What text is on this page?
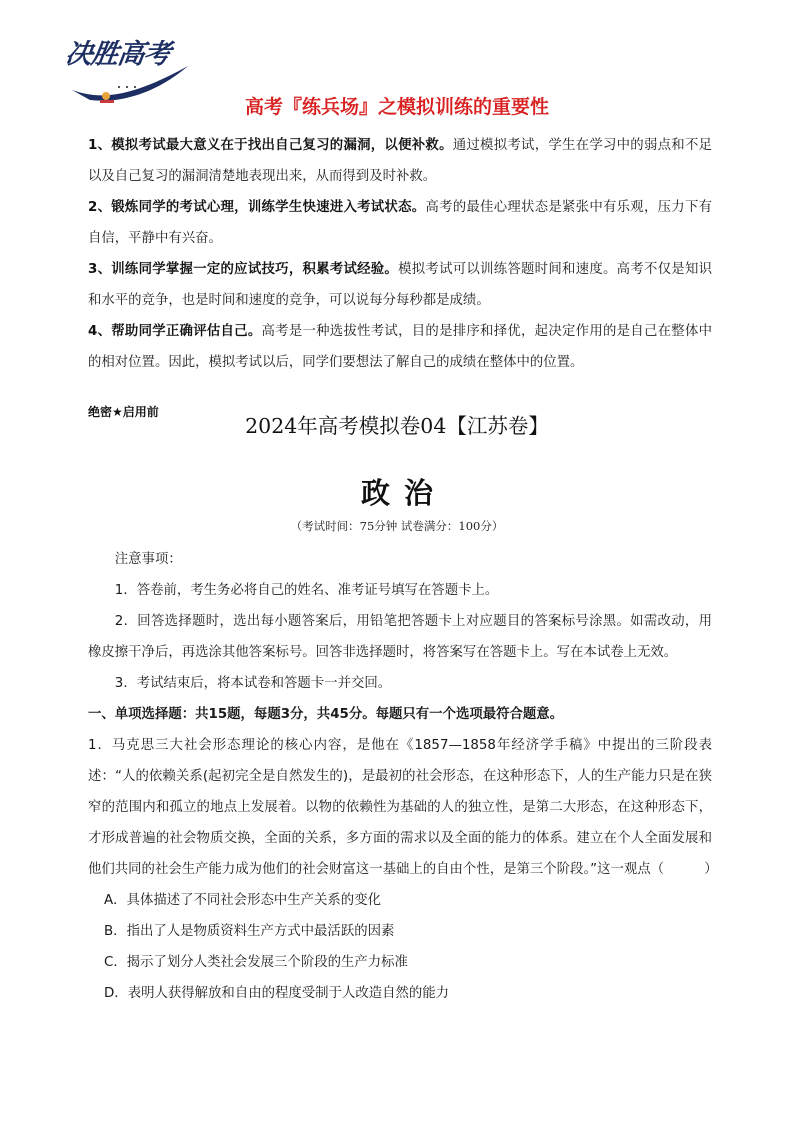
决胜高考
高考『练兵场』之模拟训练的重要性

1、模拟考试最大意义在于找出自己复习的漏洞，以便补救。通过模拟考试，学生在学习中的弱点和不足以及自己复习的漏洞清楚地表现出来，从而得到及时补救。

2、锻炼同学的考试心理，训练学生快速进入考试状态。高考的最佳心理状态是紧张中有乐观，压力下有自信，平静中有兴奋。

3、训练同学掌握一定的应试技巧，积累考试经验。模拟考试可以训练答题时间和速度。高考不仅是知识和水平的竞争，也是时间和速度的竞争，可以说每分每秒都是成绩。

4、帮助同学正确评估自己。高考是一种选拔性考试，目的是排序和择优，起决定作用的是自己在整体中的相对位置。因此，模拟考试以后，同学们要想法了解自己的成绩在整体中的位置。

绝密★启用前
2024年高考模拟卷04【江苏卷】
政治
（考试时间：75分钟 试卷满分：100分）

注意事项：

1．答卷前，考生务必将自己的姓名、准考证号填写在答题卡上。

2．回答选择题时，选出每小题答案后，用铅笔把答题卡上对应题目的答案标号涂黑。如需改动，用橡皮擦干净后，再选涂其他答案标号。回答非选择题时，将答案写在答题卡上。写在本试卷上无效。

3．考试结束后，将本试卷和答题卡一并交回。

一、单项选择题：共15题，每题3分，共45分。每题只有一个选项最符合题意。

1．马克思三大社会形态理论的核心内容，是他在《1857—1858年经济学手稿》中提出的三阶段表述：“人的依赖关系(起初完全是自然发生的)，是最初的社会形态，在这种形态下，人的生产能力只是在狭窄的范围内和孤立的地点上发展着。以物的依赖性为基础的人的独立性，是第二大形态，在这种形态下，才形成普遍的社会物质交换，全面的关系，多方面的需求以及全面的能力的体系。建立在个人全面发展和他们共同的社会生产能力成为他们的社会财富这一基础上的自由个性，是第三个阶段。”这一观点（　　　）

A．具体描述了不同社会形态中生产关系的变化

B．指出了人是物质资料生产方式中最活跃的因素

C．揭示了划分人类社会发展三个阶段的生产力标准

D．表明人获得解放和自由的程度受制于人改造自然的能力
